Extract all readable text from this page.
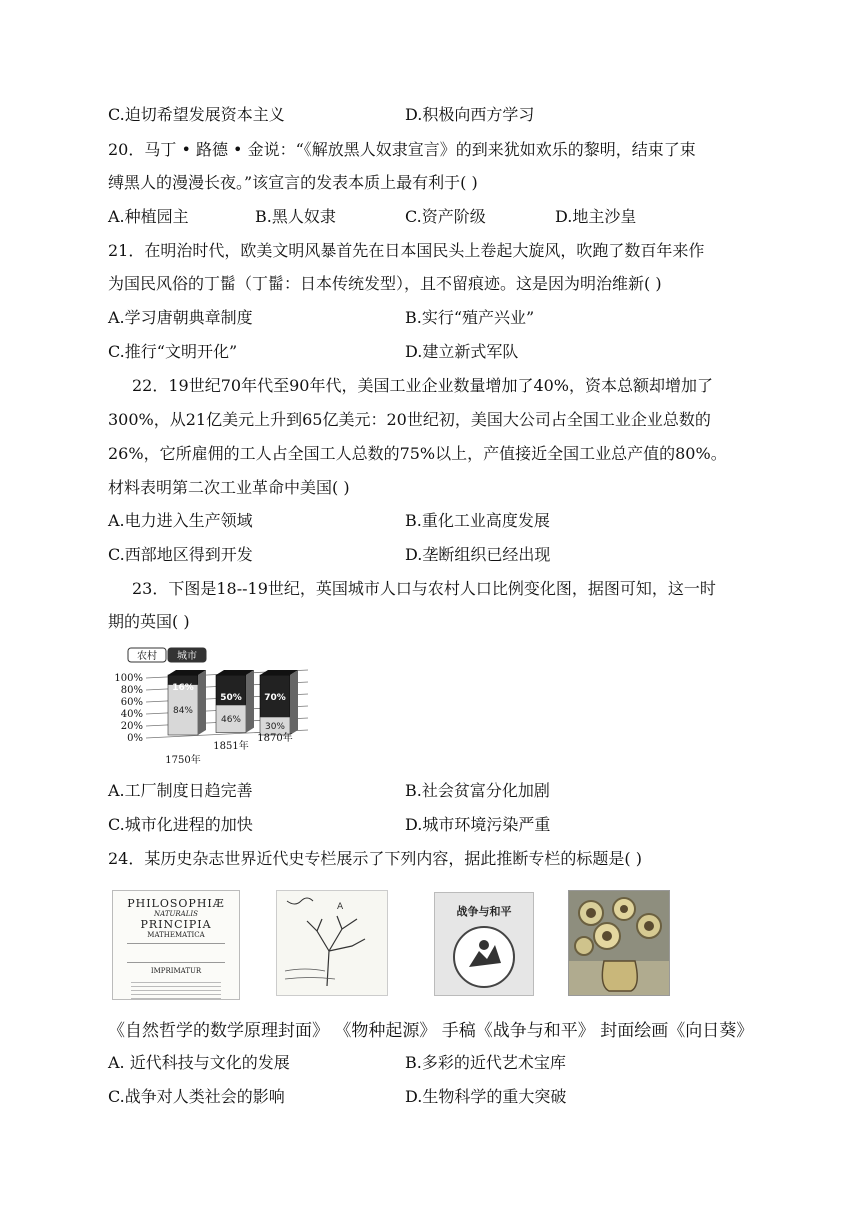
C.迫切希望发展资本主义	D.积极向西方学习
20．马丁 • 路德 • 金说：“《解放黑人奴隶宣言》的到来犹如欢乐的黎明，结束了束
缚黑人的漫漫长夜。”该宣言的发表本质上最有利于( )
A.种植园主	B.黑人奴隶	C.资产阶级	D.地主沙皇
21．在明治时代，欧美文明风暴首先在日本国民头上卷起大旋风，吹跑了数百年来作
为国民风俗的丁髷（丁髷：日本传统发型），且不留痕迹。这是因为明治维新( )
A.学习唐朝典章制度	B.实行“殖产兴业”
C.推行“文明开化”	D.建立新式军队
22．19世纪70年代至90年代，美国工业企业数量增加了40%，资本总额却增加了
300%，从21亿美元上升到65亿美元：20世纪初，美国大公司占全国工业企业总数的
26%，它所雇佣的工人占全国工人总数的75%以上，产值接近全国工业总产值的80%。
材料表明第二次工业革命中美国( )
A.电力进入生产领域	B.重化工业高度发展
C.西部地区得到开发	D.垄断组织已经出现
23．下图是18--19世纪，英国城市人口与农村人口比例变化图，据图可知，这一时
期的英国( )
农村 城市
100%
80%
60%
40%
20%
0%
16%
84%
50%
46%
70%
30%
1750年
1851年
1870年
A.工厂制度日趋完善	B.社会贫富分化加剧
C.城市化进程的加快	D.城市环境污染严重
24．某历史杂志世界近代史专栏展示了下列内容，据此推断专栏的标题是( )
PHILOSOPHIÆ
NATURALIS
PRINCIPIA
MATHEMATICA
IMPRIMATUR
A	战争与和平
《自然哲学的数学原理封面》 《物种起源》 手稿《战争与和平》 封面绘画《向日葵》
A. 近代科技与文化的发展	B.多彩的近代艺术宝库
C.战争对人类社会的影响	D.生物科学的重大突破
